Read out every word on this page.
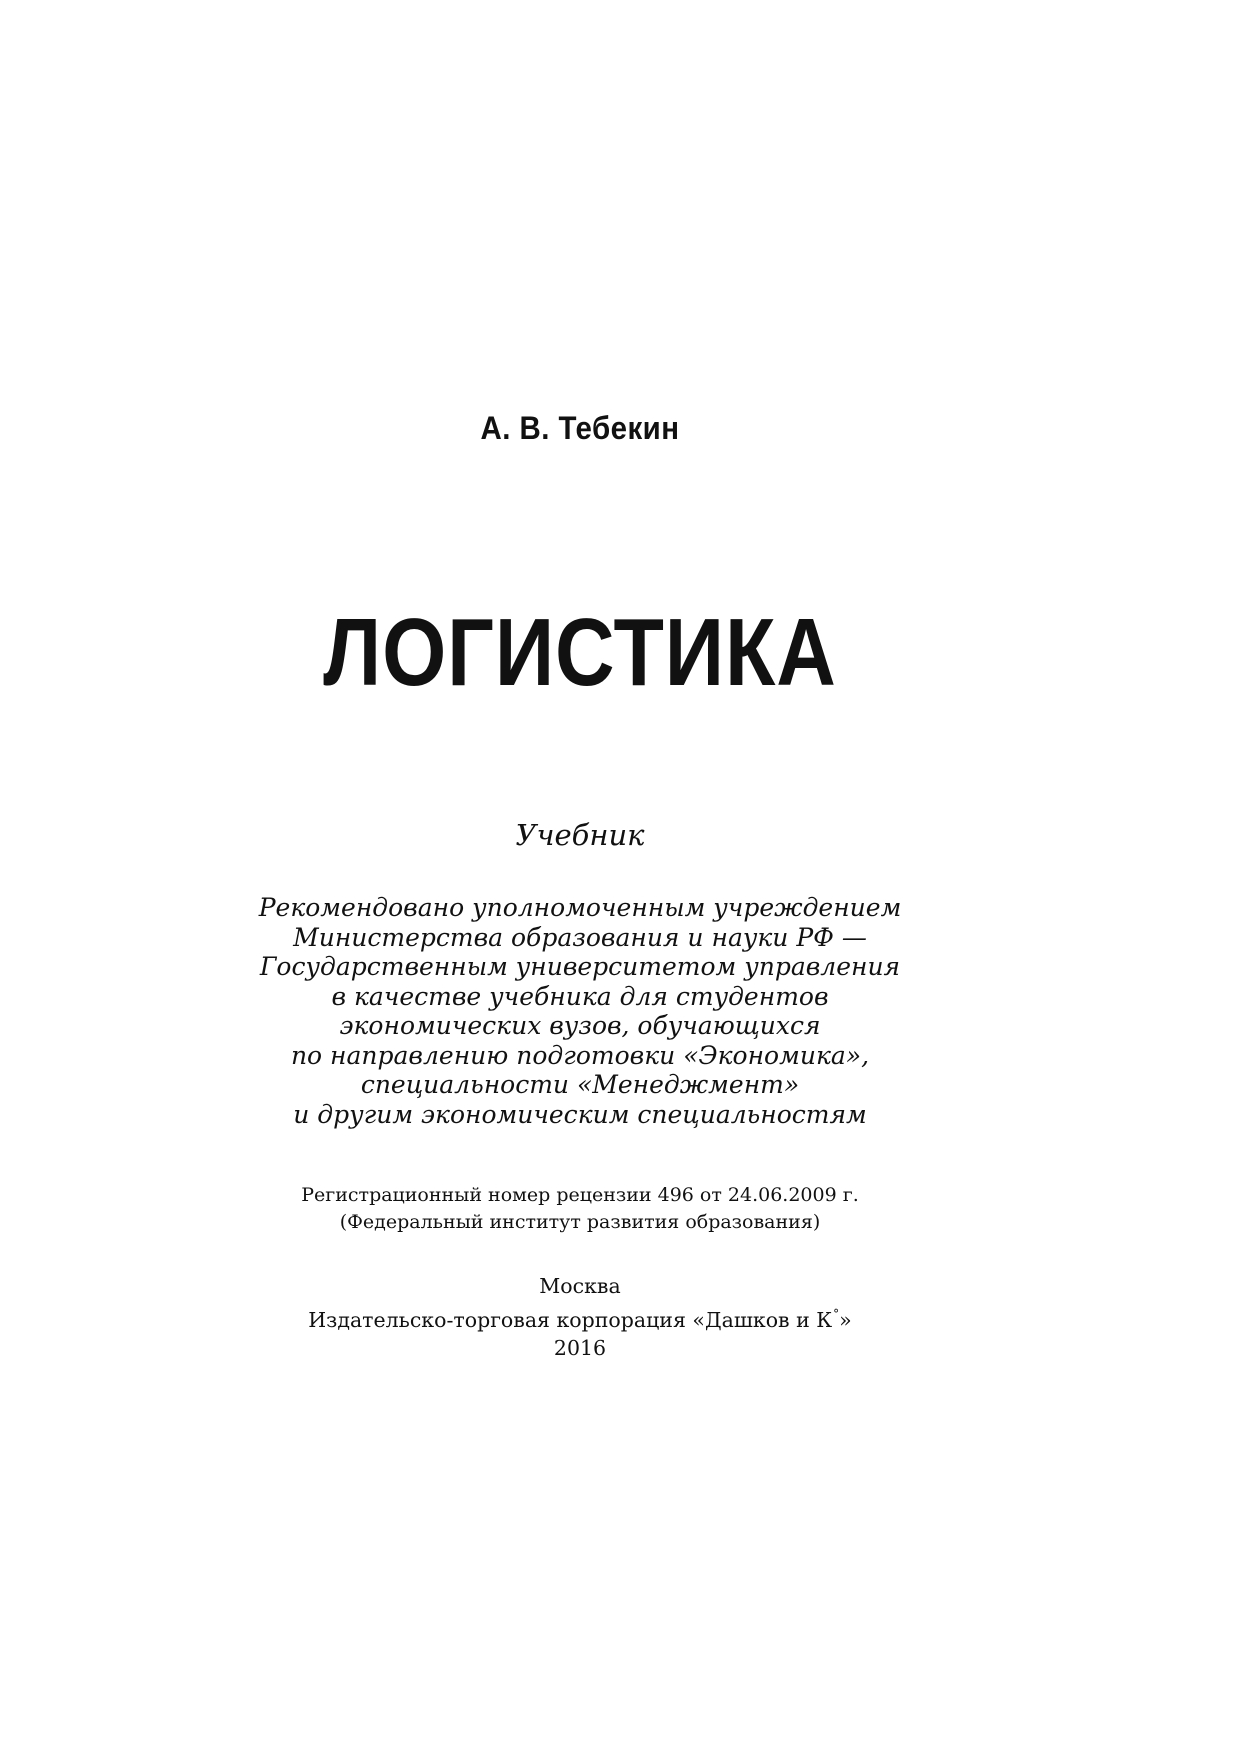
А. В. Тебекин
ЛОГИСТИКА
Учебник
Рекомендовано уполномоченным учреждением
Министерства образования и науки РФ —
Государственным университетом управления
в качестве учебника для студентов
экономических вузов, обучающихся
по направлению подготовки «Экономика»,
специальности «Менеджмент»
и другим экономическим специальностям
Регистрационный номер рецензии 496 от 24.06.2009 г.
(Федеральный институт развития образования)
Москва
Издательско-торговая корпорация «Дашков и К°»
2016
